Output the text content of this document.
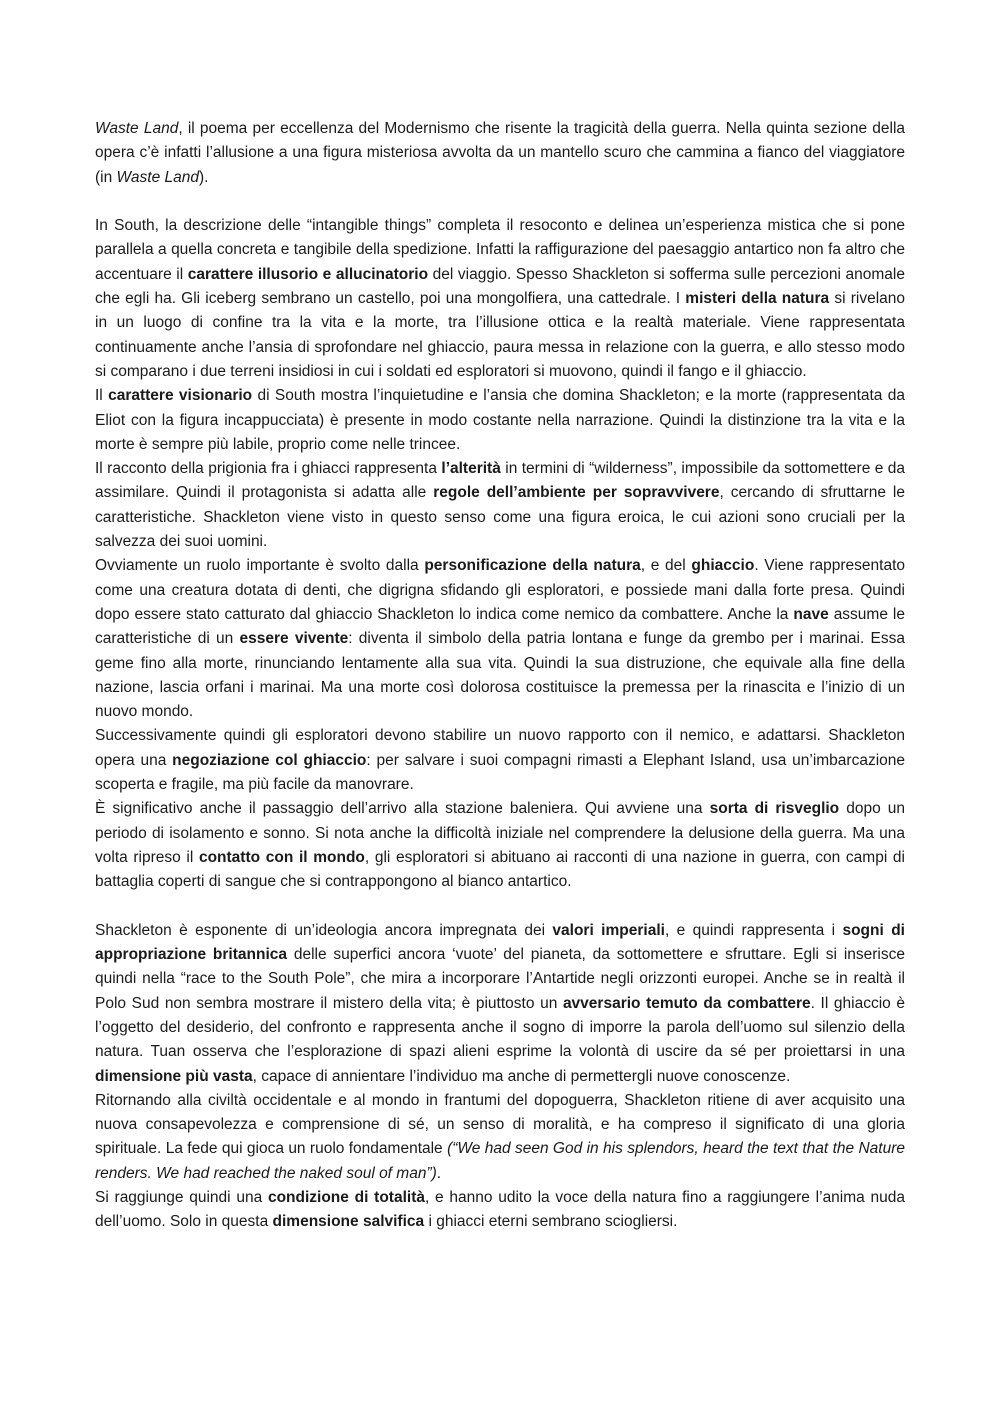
Waste Land, il poema per eccellenza del Modernismo che risente la tragicità della guerra. Nella quinta sezione della opera c’è infatti l’allusione a una figura misteriosa avvolta da un mantello scuro che cammina a fianco del viaggiatore (in Waste Land).

In South, la descrizione delle “intangible things” completa il resoconto e delinea un’esperienza mistica che si pone parallela a quella concreta e tangibile della spedizione. Infatti la raffigurazione del paesaggio antartico non fa altro che accentuare il carattere illusorio e allucinatorio del viaggio. Spesso Shackleton si sofferma sulle percezioni anomale che egli ha. Gli iceberg sembrano un castello, poi una mongolfiera, una cattedrale. I misteri della natura si rivelano in un luogo di confine tra la vita e la morte, tra l’illusione ottica e la realtà materiale. Viene rappresentata continuamente anche l’ansia di sprofondare nel ghiaccio, paura messa in relazione con la guerra, e allo stesso modo si comparano i due terreni insidiosi in cui i soldati ed esploratori si muovono, quindi il fango e il ghiaccio.

Il carattere visionario di South mostra l’inquietudine e l’ansia che domina Shackleton; e la morte (rappresentata da Eliot con la figura incappucciata) è presente in modo costante nella narrazione. Quindi la distinzione tra la vita e la morte è sempre più labile, proprio come nelle trincee.

Il racconto della prigionia fra i ghiacci rappresenta l’alterità in termini di “wilderness”, impossibile da sottomettere e da assimilare. Quindi il protagonista si adatta alle regole dell’ambiente per sopravvivere, cercando di sfruttarne le caratteristiche. Shackleton viene visto in questo senso come una figura eroica, le cui azioni sono cruciali per la salvezza dei suoi uomini.

Ovviamente un ruolo importante è svolto dalla personificazione della natura, e del ghiaccio. Viene rappresentato come una creatura dotata di denti, che digrigna sfidando gli esploratori, e possiede mani dalla forte presa. Quindi dopo essere stato catturato dal ghiaccio Shackleton lo indica come nemico da combattere. Anche la nave assume le caratteristiche di un essere vivente: diventa il simbolo della patria lontana e funge da grembo per i marinai. Essa geme fino alla morte, rinunciando lentamente alla sua vita. Quindi la sua distruzione, che equivale alla fine della nazione, lascia orfani i marinai. Ma una morte così dolorosa costituisce la premessa per la rinascita e l’inizio di un nuovo mondo.

Successivamente quindi gli esploratori devono stabilire un nuovo rapporto con il nemico, e adattarsi. Shackleton opera una negoziazione col ghiaccio: per salvare i suoi compagni rimasti a Elephant Island, usa un’imbarcazione scoperta e fragile, ma più facile da manovrare.

È significativo anche il passaggio dell’arrivo alla stazione baleniera. Qui avviene una sorta di risveglio dopo un periodo di isolamento e sonno. Si nota anche la difficoltà iniziale nel comprendere la delusione della guerra. Ma una volta ripreso il contatto con il mondo, gli esploratori si abituano ai racconti di una nazione in guerra, con campi di battaglia coperti di sangue che si contrappongono al bianco antartico.

Shackleton è esponente di un’ideologia ancora impregnata dei valori imperiali, e quindi rappresenta i sogni di appropriazione britannica delle superfici ancora ‘vuote’ del pianeta, da sottomettere e sfruttare. Egli si inserisce quindi nella “race to the South Pole”, che mira a incorporare l’Antartide negli orizzonti europei. Anche se in realtà il Polo Sud non sembra mostrare il mistero della vita; è piuttosto un avversario temuto da combattere. Il ghiaccio è l’oggetto del desiderio, del confronto e rappresenta anche il sogno di imporre la parola dell’uomo sul silenzio della natura. Tuan osserva che l’esplorazione di spazi alieni esprime la volontà di uscire da sé per proiettarsi in una dimensione più vasta, capace di annientare l’individuo ma anche di permettergli nuove conoscenze.

Ritornando alla civiltà occidentale e al mondo in frantumi del dopoguerra, Shackleton ritiene di aver acquisito una nuova consapevolezza e comprensione di sé, un senso di moralità, e ha compreso il significato di una gloria spirituale. La fede qui gioca un ruolo fondamentale (“We had seen God in his splendors, heard the text that the Nature renders. We had reached the naked soul of man”).

Si raggiunge quindi una condizione di totalità, e hanno udito la voce della natura fino a raggiungere l’anima nuda dell’uomo. Solo in questa dimensione salvifica i ghiacci eterni sembrano sciogliersi.
